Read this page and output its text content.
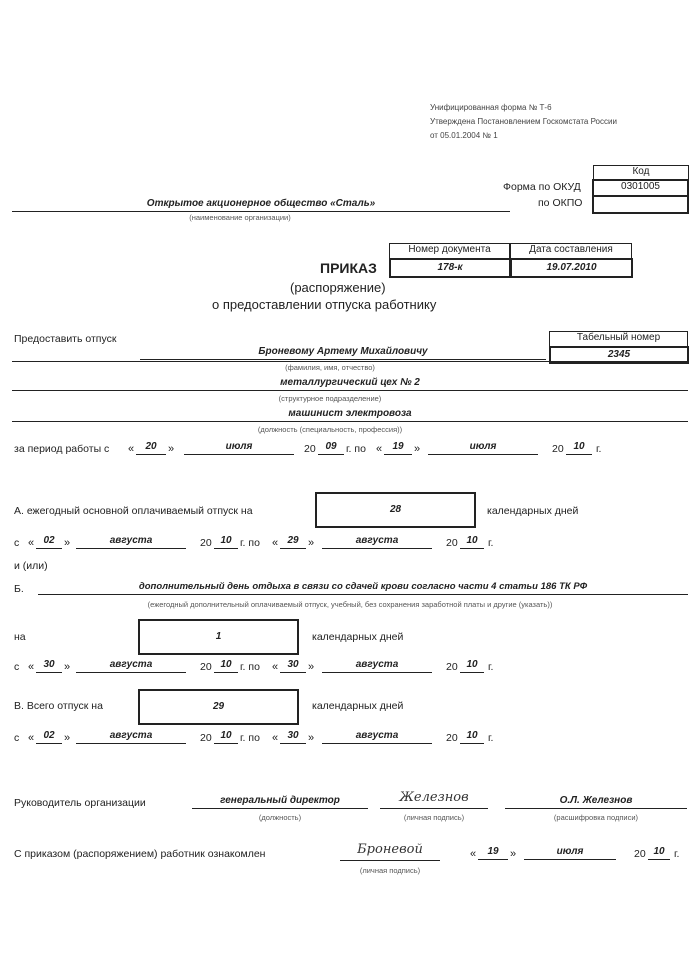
Унифицированная форма № Т-6
Утверждена Постановлением Госкомстата России
от 05.01.2004 № 1
Код
Форма по ОКУД	0301005
по ОКПО
Открытое акционерное общество «Сталь»
(наименование организации)
Номер документа	Дата составления
178-к	19.07.2010
ПРИКАЗ
(распоряжение)
о предоставлении отпуска работнику
Предоставить отпуск	Табельный номер
2345
Броневому Артему Михайловичу
(фамилия, имя, отчество)
металлургический цех № 2
(структурное подразделение)
машинист электровоза
(должность (специальность, профессия))
за период работы с «	20	»	июля	20 09 г. по «	19 »	июля	20 10	г.
А. ежегодный основной оплачиваемый отпуск на	28	календарных дней
с « 02 »	августа	20 10 г. по « 29 »	августа	20 10 г.
и (или)
Б.	дополнительный день отдыха в связи со сдачей крови согласно части 4 статьи 186 ТК РФ
(ежегодный дополнительный оплачиваемый отпуск, учебный, без сохранения заработной платы и другие (указать))
на	1	календарных дней
с « 30 »	августа	20 10 г. по « 30 »	августа	20 10 г.
В. Всего отпуск на	29	календарных дней
с « 02 »	августа	20 10 г. по « 30 »	августа	20 10 г.
Руководитель организации	генеральный директор
(должность)
Железнов
(личная подпись)
О.Л. Железнов
(расшифровка подписи)
С приказом (распоряжением) работник ознакомлен	Броневой
(личная подпись)
«	19	»	июля	20 10 г.
